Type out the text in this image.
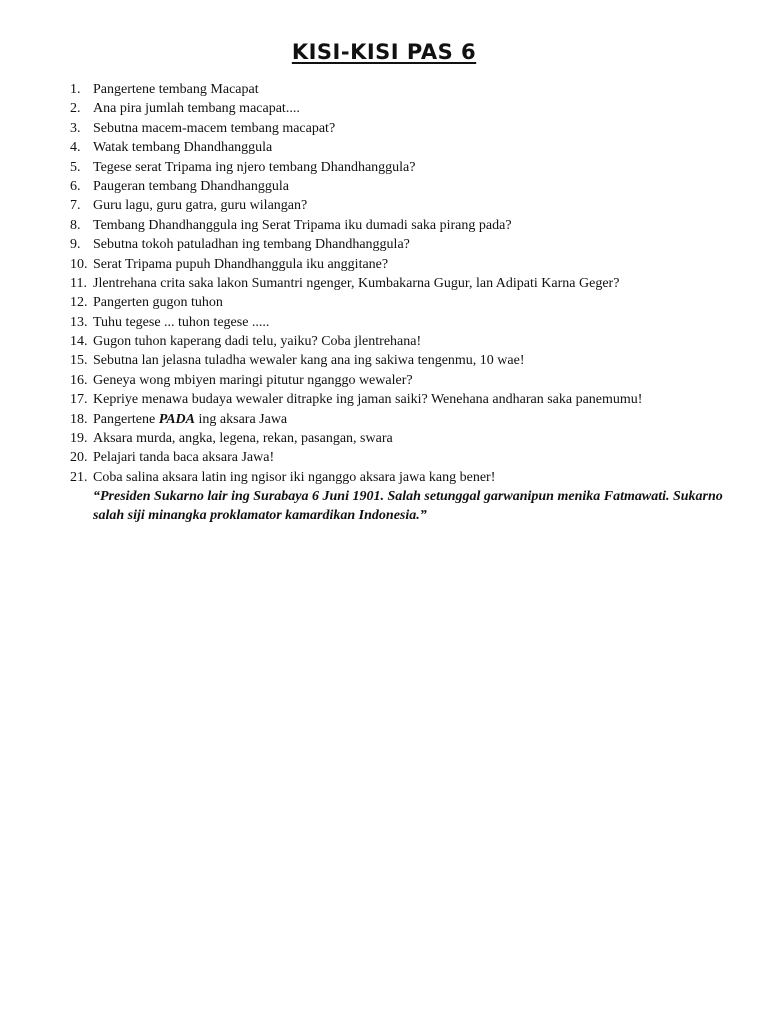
KISI-KISI PAS 6
1. Pangertene tembang Macapat
2. Ana pira jumlah tembang macapat....
3. Sebutna macem-macem tembang macapat?
4. Watak tembang Dhandhanggula
5. Tegese serat Tripama ing njero tembang Dhandhanggula?
6. Paugeran tembang Dhandhanggula
7. Guru lagu, guru gatra, guru wilangan?
8. Tembang Dhandhanggula ing Serat Tripama iku dumadi saka pirang pada?
9. Sebutna tokoh patuladhan ing tembang Dhandhanggula?
10. Serat Tripama pupuh Dhandhanggula iku anggitane?
11. Jlentrehana crita saka lakon Sumantri ngenger, Kumbakarna Gugur, lan Adipati Karna Geger?
12. Pangerten gugon tuhon
13. Tuhu tegese ... tuhon tegese .....
14. Gugon tuhon kaperang dadi telu, yaiku? Coba jlentrehana!
15. Sebutna lan jelasna tuladha wewaler kang ana ing sakiwa tengenmu, 10 wae!
16. Geneya wong mbiyen maringi pitutur nganggo wewaler?
17. Kepriye menawa budaya wewaler ditrapke ing jaman saiki? Wenehana andharan saka panemumu!
18. Pangertene PADA ing aksara Jawa
19. Aksara murda, angka, legena, rekan, pasangan, swara
20. Pelajari tanda baca aksara Jawa!
21. Coba salina aksara latin ing ngisor iki nganggo aksara jawa kang bener!

“Presiden Sukarno lair ing Surabaya 6 Juni 1901. Salah setunggal garwanipun menika Fatmawati. Sukarno salah siji minangka proklamator kamardikan Indonesia.”
